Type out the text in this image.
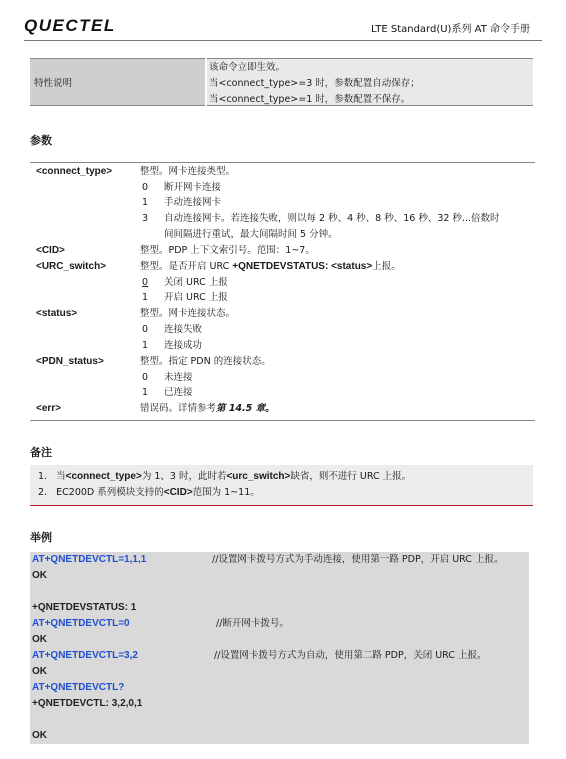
QUECTEL	LTE Standard(U)系列 AT 命令手册
特性说明
该命令立即生效。
当<connect_type>=3 时，参数配置自动保存；
当<connect_type>=1 时，参数配置不保存。
参数
<connect_type>	整型。网卡连接类型。
0 断开网卡连接
1 手动连接网卡
3 自动连接网卡。若连接失败，则以每 2 秒、4 秒、8 秒、16 秒、32 秒...倍数时
间间隔进行重试，最大间隔时间 5 分钟。
<CID>	整型。PDP 上下文索引号。范围：1~7。
<URC_switch>	整型。是否开启 URC +QNETDEVSTATUS: <status>上报。
0 关闭 URC 上报
1 开启 URC 上报
<status>	整型。网卡连接状态。
0 连接失败
1 连接成功
<PDN_status>	整型。指定 PDN 的连接状态。
0 未连接
1 已连接
<err>	错误码。详情参考第 14.5 章。
备注
1. 当<connect_type>为 1、3 时，此时若<urc_switch>缺省，则不进行 URC 上报。
2. EC200D 系列模块支持的<CID>范围为 1~11。
举例
AT+QNETDEVCTL=1,1,1	//设置网卡拨号方式为手动连接，使用第一路 PDP，开启 URC 上报。
OK
+QNETDEVSTATUS: 1
AT+QNETDEVCTL=0	//断开网卡拨号。
OK
AT+QNETDEVCTL=3,2	//设置网卡拨号方式为自动，使用第二路 PDP，关闭 URC 上报。
OK
AT+QNETDEVCTL?
+QNETDEVCTL: 3,2,0,1
OK
